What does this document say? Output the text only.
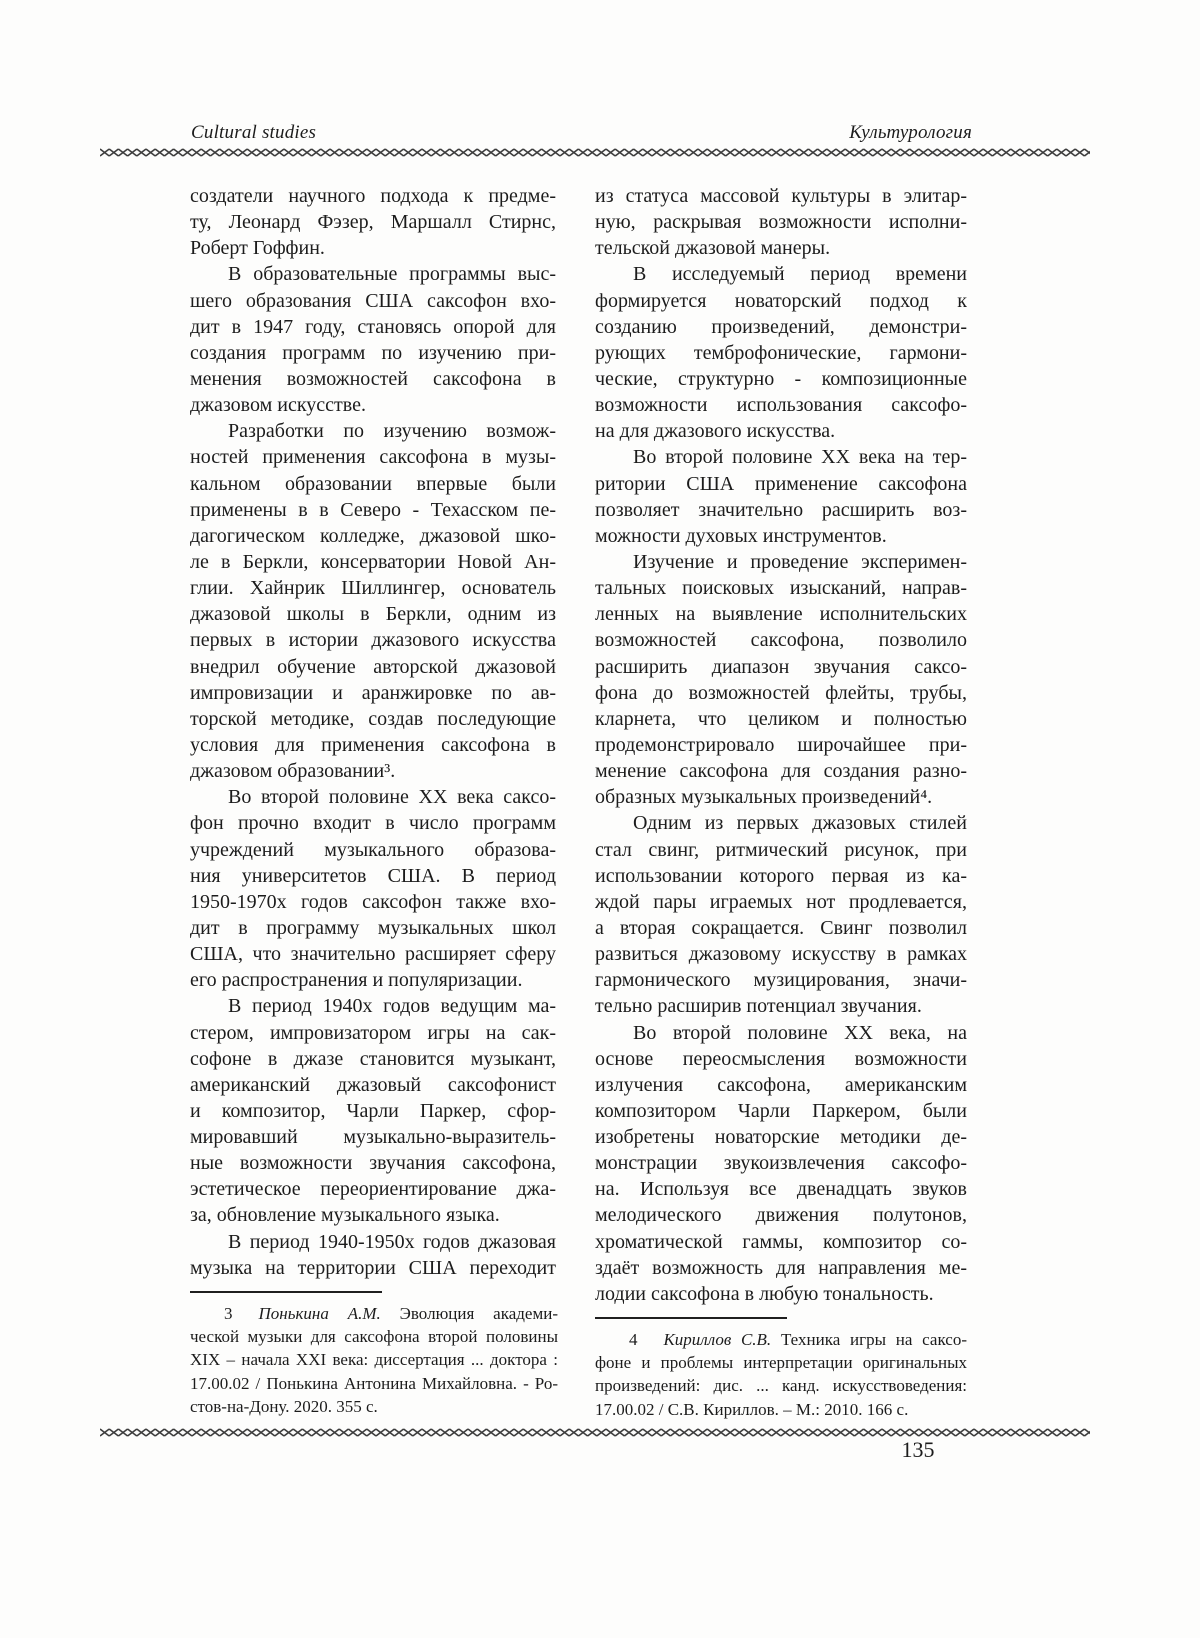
Cultural studies	Культурология
создатели научного подхода к предме-
ту, Леонард Фэзер, Маршалл Стирнс,
Роберт Гоффин.
В образовательные программы выс-
шего образования США саксофон вхо-
дит в 1947 году, становясь опорой для
создания программ по изучению при-
менения возможностей саксофона в
джазовом искусстве.
Разработки по изучению возмож-
ностей применения саксофона в музы-
кальном образовании впервые были
применены в в Северо - Техасском пе-
дагогическом колледже, джазовой шко-
ле в Беркли, консерватории Новой Ан-
глии. Хайнрик Шиллингер, основатель
джазовой школы в Беркли, одним из
первых в истории джазового искусства
внедрил обучение авторской джазовой
импровизации и аранжировке по ав-
торской методике, создав последующие
условия для применения саксофона в
джазовом образовании³.
Во второй половине XX века саксо-
фон прочно входит в число программ
учреждений музыкального образова-
ния университетов США. В период
1950-1970х годов саксофон также вхо-
дит в программу музыкальных школ
США, что значительно расширяет сферу
его распространения и популяризации.
В период 1940х годов ведущим ма-
стером, импровизатором игры на сак-
софоне в джазе становится музыкант,
американский джазовый саксофонист
и композитор, Чарли Паркер, сфор-
мировавший музыкально-выразитель-
ные возможности звучания саксофона,
эстетическое переориентирование джа-
за, обновление музыкального языка.
В период 1940-1950х годов джазовая
музыка на территории США переходит
из статуса массовой культуры в элитар-
ную, раскрывая возможности исполни-
тельской джазовой манеры.
В исследуемый период времени
формируется новаторский подход к
созданию произведений, демонстри-
рующих темброфонические, гармони-
ческие, структурно - композиционные
возможности использования саксофо-
на для джазового искусства.
Во второй половине XX века на тер-
ритории США применение саксофона
позволяет значительно расширить воз-
можности духовых инструментов.
Изучение и проведение эксперимен-
тальных поисковых изысканий, направ-
ленных на выявление исполнительских
возможностей саксофона, позволило
расширить диапазон звучания саксо-
фона до возможностей флейты, трубы,
кларнета, что целиком и полностью
продемонстрировало широчайшее при-
менение саксофона для создания разно-
образных музыкальных произведений⁴.
Одним из первых джазовых стилей
стал свинг, ритмический рисунок, при
использовании которого первая из ка-
ждой пары играемых нот продлевается,
а вторая сокращается. Свинг позволил
развиться джазовому искусству в рамках
гармонического музицирования, значи-
тельно расширив потенциал звучания.
Во второй половине XX века, на
основе переосмысления возможности
излучения саксофона, американским
композитором Чарли Паркером, были
изобретены новаторские методики де-
монстрации звукоизвлечения саксофо-
на. Используя все двенадцать звуков
мелодического движения полутонов,
хроматической гаммы, композитор со-
здаёт возможность для направления ме-
лодии саксофона в любую тональность.
3 Понькина А.М. Эволюция академи-
ческой музыки для саксофона второй половины
XIX – начала XXI века: диссертация ... доктора :
17.00.02 / Понькина Антонина Михайловна. - Ро-
стов-на-Дону. 2020. 355 с.
4 Кириллов С.В. Техника игры на саксо-
фоне и проблемы интерпретации оригинальных
произведений: дис. ... канд. искусствоведения:
17.00.02 / С.В. Кириллов. – М.: 2010. 166 с.
135
